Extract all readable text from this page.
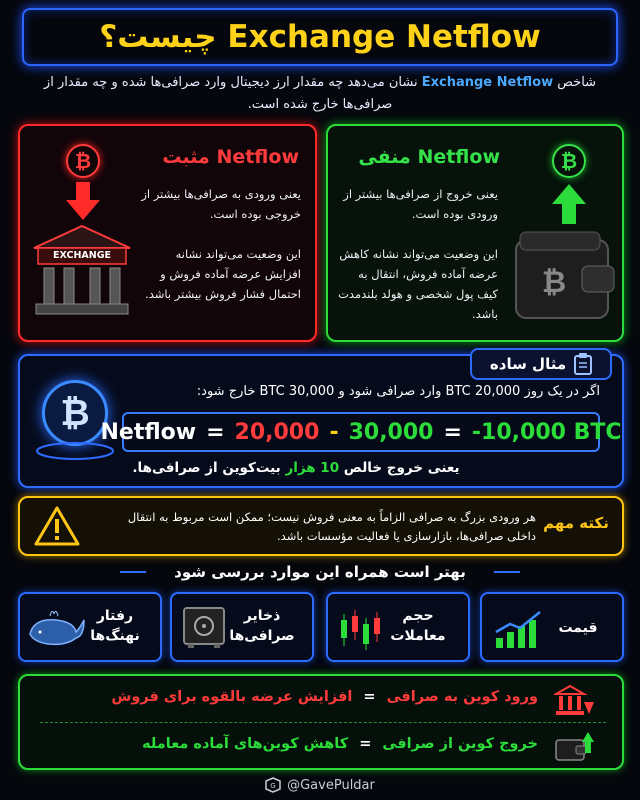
Exchange Netflow چیست؟
شاخص Exchange Netflow نشان می‌دهد چه مقدار ارز دیجیتال وارد صرافی‌ها شده و چه مقدار از صرافی‌ها خارج شده است.
Netflow مثبت
یعنی ورودی به صرافی‌ها بیشتر از خروجی بوده است.
این وضعیت می‌تواند نشانه افزایش عرضه آماده فروش و احتمال فشار فروش بیشتر باشد.
₿
EXCHANGE
Netflow منفی
یعنی خروج از صرافی‌ها بیشتر از ورودی بوده است.
این وضعیت می‌تواند نشانه کاهش عرضه آماده فروش، انتقال به کیف پول شخصی و هولد بلندمدت باشد.
₿
₿
₿
اگر در یک روز 20,000 BTC وارد صرافی شود و 30,000 BTC خارج شود:
یعنی خروج خالص 10 هزار بیت‌کوین از صرافی‌ها.
مثال ساده
Netflow = 20,000 - 30,000 = -10,000 BTC
هر ورودی بزرگ به صرافی الزاماً به معنی فروش نیست؛ ممکن است مربوط به انتقال داخلی صرافی‌ها، بازارسازی یا فعالیت مؤسسات باشد.
نکته مهم
بهتر است همراه این موارد بررسی شود
قیمت
حجم معاملات
ذخایر صرافی‌ها
رفتار نهنگ‌ها
ورود کوین به صرافی = افزایش عرضه بالقوه برای فروش
خروج کوین از صرافی = کاهش کوین‌های آماده معامله
G @GavePuldar
